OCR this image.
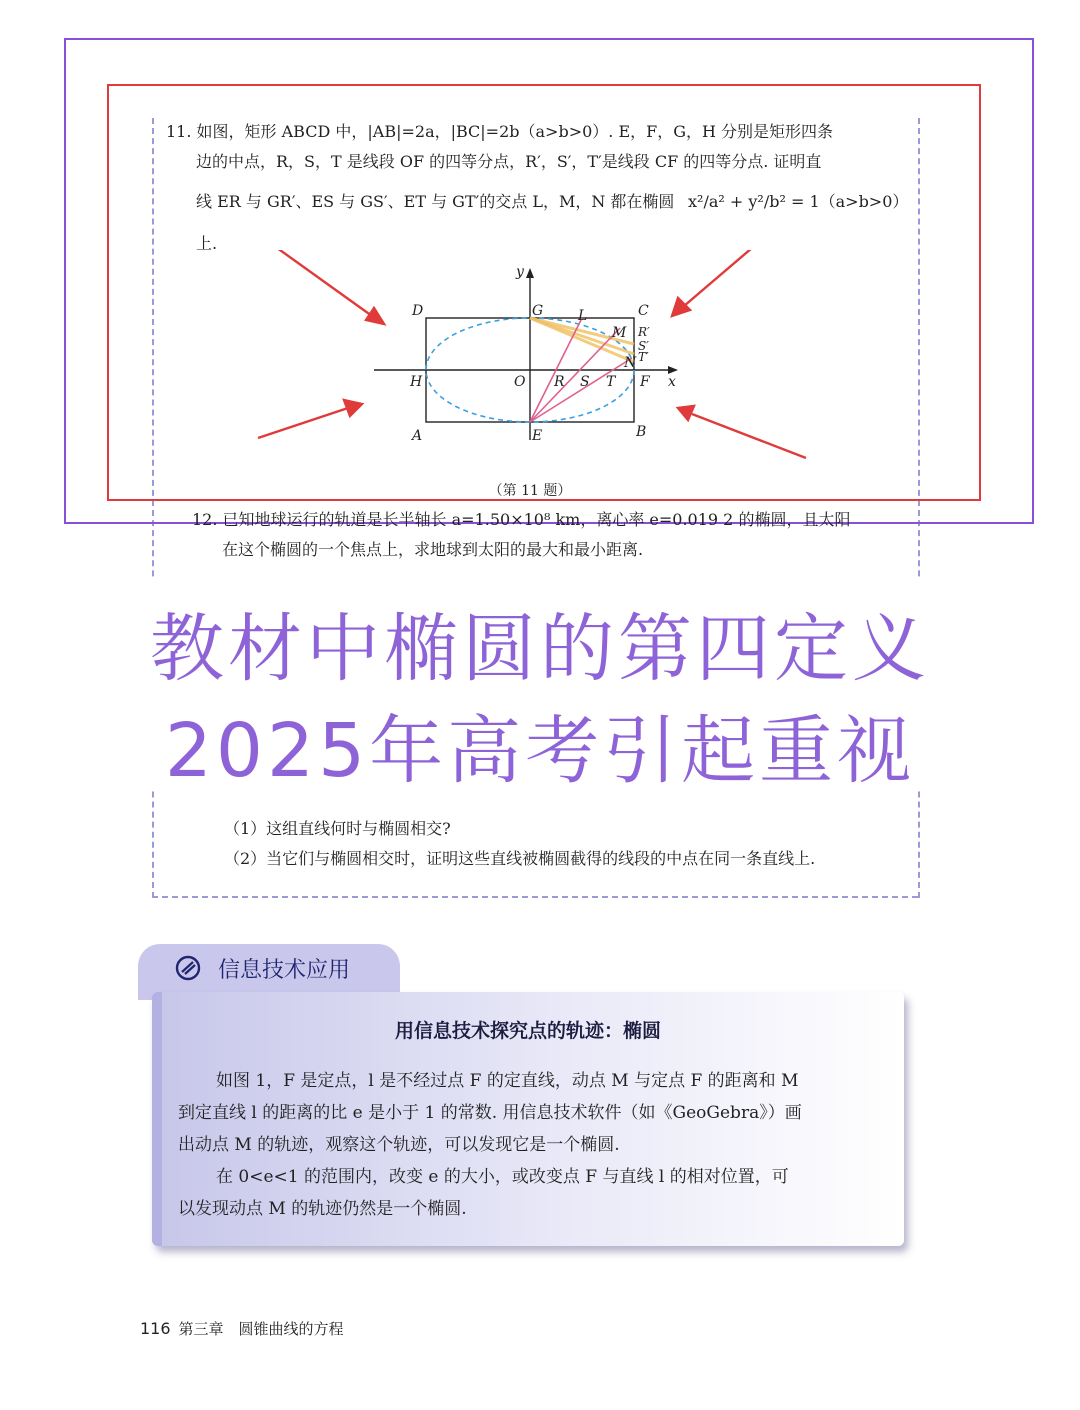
11. 如图，矩形 ABCD 中，|AB|=2a，|BC|=2b（a>b>0）. E，F，G，H 分别是矩形四条
边的中点，R，S，T 是线段 OF 的四等分点，R′，S′，T′是线段 CF 的四等分点. 证明直
线 ER 与 GR′、ES 与 GS′、ET 与 GT′的交点 L，M，N 都在椭圆 x²/a² + y²/b² = 1（a>b>0）
上.
y
x
D	G L	C
M R′
S′
T′
N
H	O R S T F
A	E	B
（第 11 题）
12. 已知地球运行的轨道是长半轴长 a=1.50×10⁸ km，离心率 e=0.019 2 的椭圆，且太阳
在这个椭圆的一个焦点上，求地球到太阳的最大和最小距离.
教材中椭圆的第四定义
2025年高考引起重视
（1）这组直线何时与椭圆相交?
（2）当它们与椭圆相交时，证明这些直线被椭圆截得的线段的中点在同一条直线上.
信息技术应用
用信息技术探究点的轨迹：椭圆
如图 1，F 是定点，l 是不经过点 F 的定直线，动点 M 与定点 F 的距离和 M
到定直线 l 的距离的比 e 是小于 1 的常数. 用信息技术软件（如《GeoGebra》）画
出动点 M 的轨迹，观察这个轨迹，可以发现它是一个椭圆.
在 0<e<1 的范围内，改变 e 的大小，或改变点 F 与直线 l 的相对位置，可
以发现动点 M 的轨迹仍然是一个椭圆.
116 第三章　圆锥曲线的方程
